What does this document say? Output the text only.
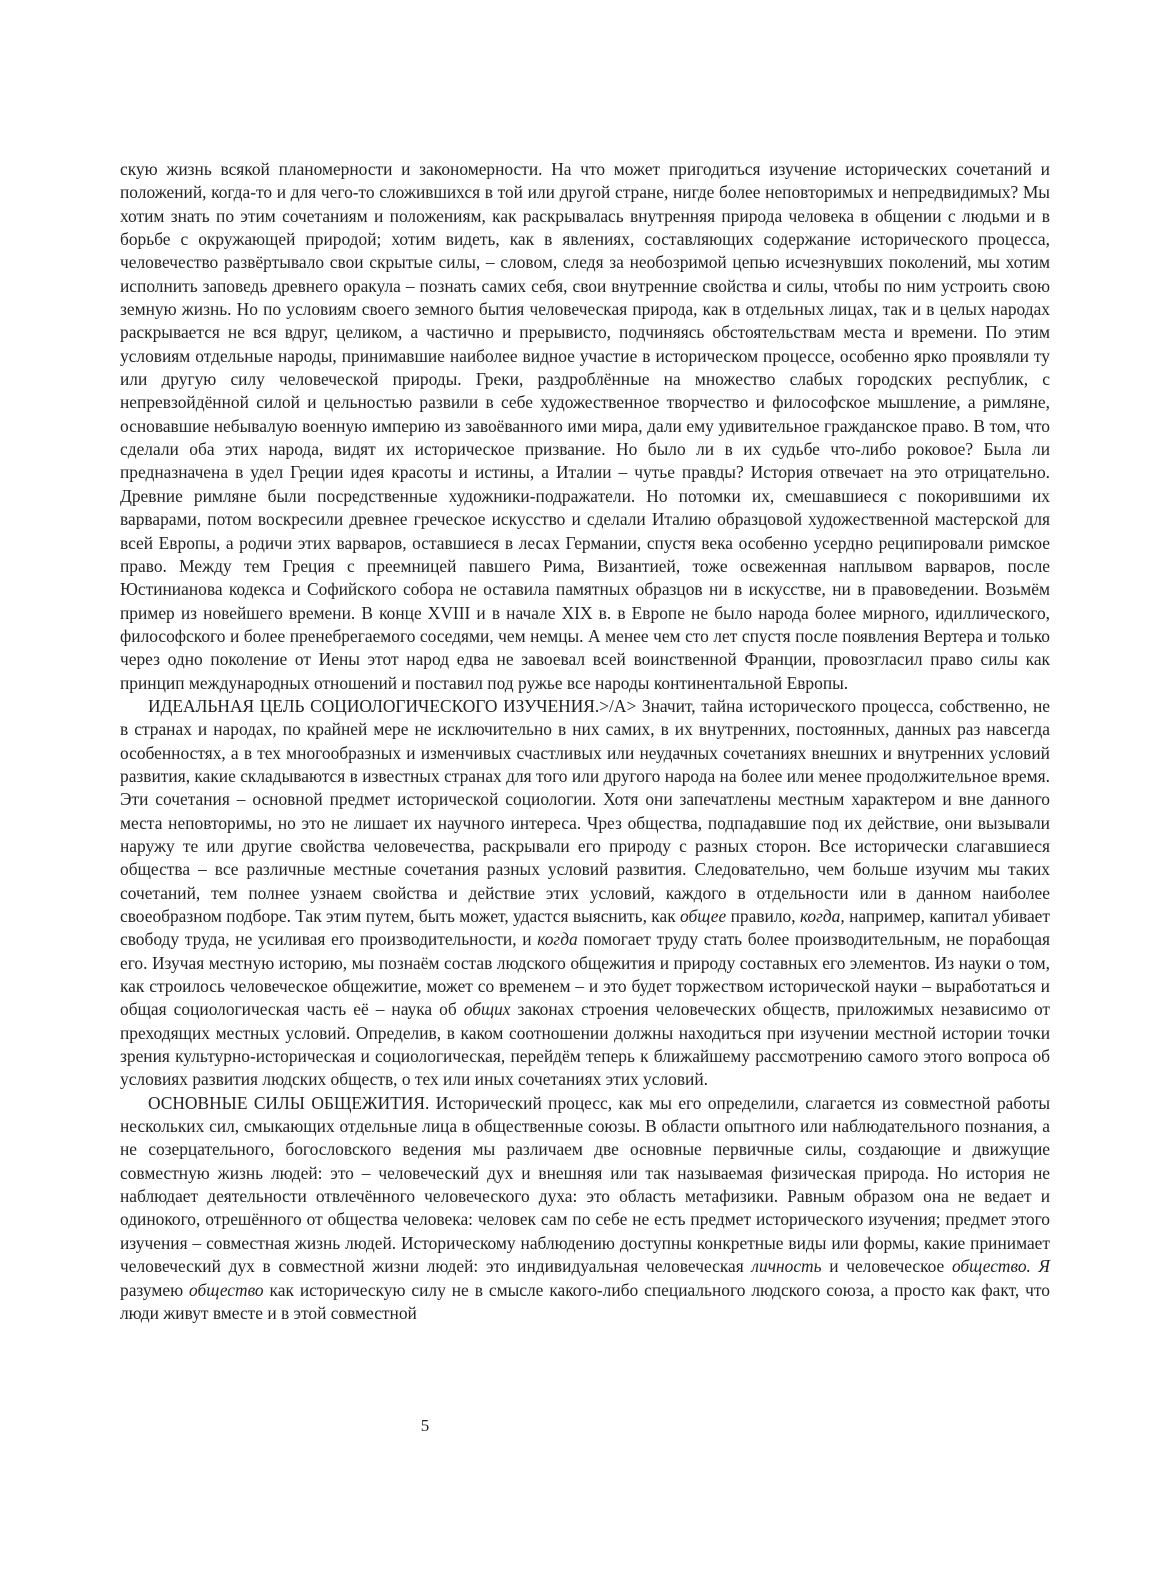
скую жизнь всякой планомерности и закономерности. На что может пригодиться изучение исторических сочетаний и положений, когда-то и для чего-то сложившихся в той или другой стране, нигде более неповторимых и непредвидимых? Мы хотим знать по этим сочетаниям и положениям, как раскрывалась внутренняя природа человека в общении с людьми и в борьбе с окружающей природой; хотим видеть, как в явлениях, составляющих содержание исторического процесса, человечество развёртывало свои скрытые силы, – словом, следя за необозримой цепью исчезнувших поколений, мы хотим исполнить заповедь древнего оракула – познать самих себя, свои внутренние свойства и силы, чтобы по ним устроить свою земную жизнь. Но по условиям своего земного бытия человеческая природа, как в отдельных лицах, так и в целых народах раскрывается не вся вдруг, целиком, а частично и прерывисто, подчиняясь обстоятельствам места и времени. По этим условиям отдельные народы, принимавшие наиболее видное участие в историческом процессе, особенно ярко проявляли ту или другую силу человеческой природы. Греки, раздроблённые на множество слабых городских республик, с непревзойдённой силой и цельностью развили в себе художественное творчество и философское мышление, а римляне, основавшие небывалую военную империю из завоёванного ими мира, дали ему удивительное гражданское право. В том, что сделали оба этих народа, видят их историческое призвание. Но было ли в их судьбе что-либо роковое? Была ли предназначена в удел Греции идея красоты и истины, а Италии – чутье правды? История отвечает на это отрицательно. Древние римляне были посредственные художники-подражатели. Но потомки их, смешавшиеся с покорившими их варварами, потом воскресили древнее греческое искусство и сделали Италию образцовой художественной мастерской для всей Европы, а родичи этих варваров, оставшиеся в лесах Германии, спустя века особенно усердно реципировали римское право. Между тем Греция с преемницей павшего Рима, Византией, тоже освеженная наплывом варваров, после Юстинианова кодекса и Софийского собора не оставила памятных образцов ни в искусстве, ни в правоведении. Возьмём пример из новейшего времени. В конце XVIII и в начале XIX в. в Европе не было народа более мирного, идиллического, философского и более пренебрегаемого соседями, чем немцы. А менее чем сто лет спустя после появления Вертера и только через одно поколение от Иены этот народ едва не завоевал всей воинственной Франции, провозгласил право силы как принцип международных отношений и поставил под ружье все народы континентальной Европы.

ИДЕАЛЬНАЯ ЦЕЛЬ СОЦИОЛОГИЧЕСКОГО ИЗУЧЕНИЯ.>/A> Значит, тайна исторического процесса, собственно, не в странах и народах, по крайней мере не исключительно в них самих, в их внутренних, постоянных, данных раз навсегда особенностях, а в тех многообразных и изменчивых счастливых или неудачных сочетаниях внешних и внутренних условий развития, какие складываются в известных странах для того или другого народа на более или менее продолжительное время. Эти сочетания – основной предмет исторической социологии. Хотя они запечатлены местным характером и вне данного места неповторимы, но это не лишает их научного интереса. Чрез общества, подпадавшие под их действие, они вызывали наружу те или другие свойства человечества, раскрывали его природу с разных сторон. Все исторически слагавшиеся общества – все различные местные сочетания разных условий развития. Следовательно, чем больше изучим мы таких сочетаний, тем полнее узнаем свойства и действие этих условий, каждого в отдельности или в данном наиболее своеобразном подборе. Так этим путем, быть может, удастся выяснить, как общее правило, когда, например, капитал убивает свободу труда, не усиливая его производительности, и когда помогает труду стать более производительным, не порабощая его. Изучая местную историю, мы познаём состав людского общежития и природу составных его элементов. Из науки о том, как строилось человеческое общежитие, может со временем – и это будет торжеством исторической науки – выработаться и общая социологическая часть её – наука об общих законах строения человеческих обществ, приложимых независимо от преходящих местных условий. Определив, в каком соотношении должны находиться при изучении местной истории точки зрения культурно-историческая и социологическая, перейдём теперь к ближайшему рассмотрению самого этого вопроса об условиях развития людских обществ, о тех или иных сочетаниях этих условий.

ОСНОВНЫЕ СИЛЫ ОБЩЕЖИТИЯ. Исторический процесс, как мы его определили, слагается из совместной работы нескольких сил, смыкающих отдельные лица в общественные союзы. В области опытного или наблюдательного познания, а не созерцательного, богословского ведения мы различаем две основные первичные силы, создающие и движущие совместную жизнь людей: это – человеческий дух и внешняя или так называемая физическая природа. Но история не наблюдает деятельности отвлечённого человеческого духа: это область метафизики. Равным образом она не ведает и одинокого, отрешённого от общества человека: человек сам по себе не есть предмет исторического изучения; предмет этого изучения – совместная жизнь людей. Историческому наблюдению доступны конкретные виды или формы, какие принимает человеческий дух в совместной жизни людей: это индивидуальная человеческая личность и человеческое общество. Я разумею общество как историческую силу не в смысле какого-либо специального людского союза, а просто как факт, что люди живут вместе и в этой совместной

5
